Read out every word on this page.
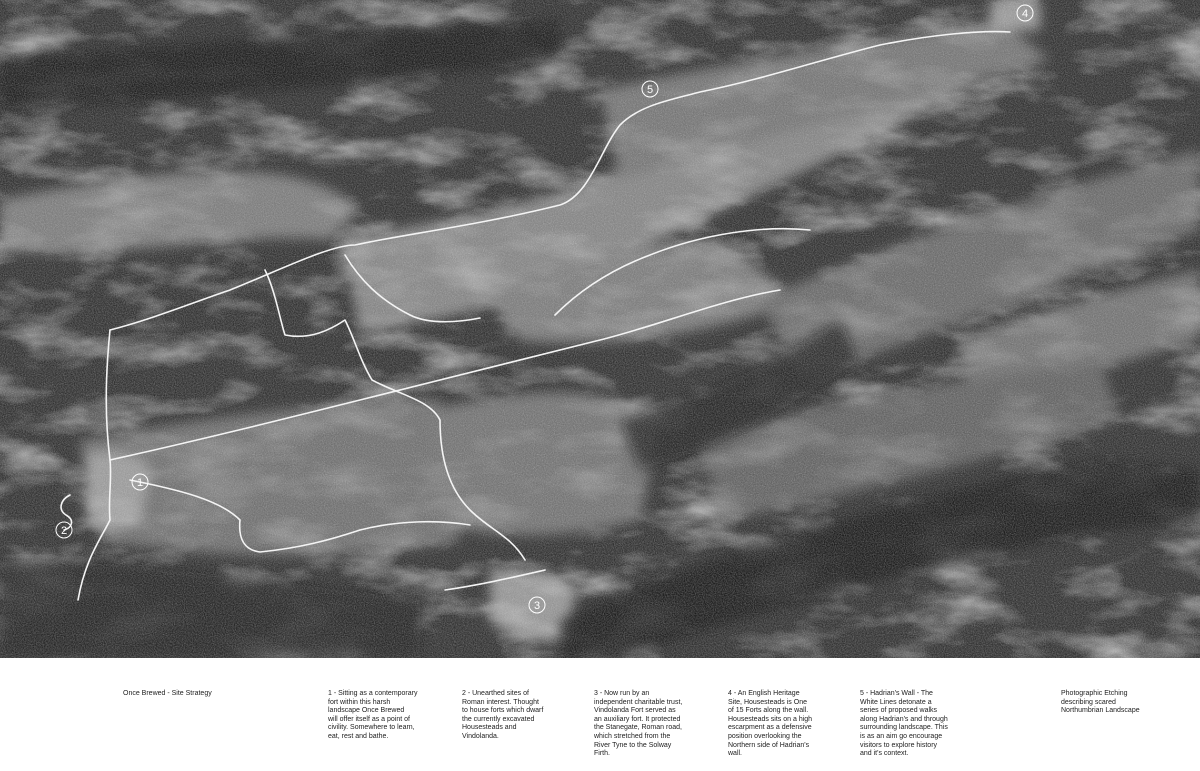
1
2
3
4
5
Once Brewed - Site Strategy	1 - Sitting as a contemporary
fort within this harsh
landscape Once Brewed
will offer itself as a point of
civility. Somewhere to learn,
eat, rest and bathe.
2 - Unearthed sites of
Roman interest. Thought
to house forts which dwarf
the currently excavated
Housesteads and
Vindolanda.
3 - Now run by an
independent charitable trust,
Vindolanda Fort served as
an auxiliary fort. It protected
the Stanegate, Roman road,
which stretched from the
River Tyne to the Solway
Firth.
4 - An English Heritage
Site, Housesteads is One
of 15 Forts along the wall.
Housesteads sits on a high
escarpment as a defensive
position overlooking the
Northern side of Hadrian's
wall.
5 - Hadrian's Wall - The
White Lines detonate a
series of proposed walks
along Hadrian's and through
surrounding landscape. This
is as an aim go encourage
visitors to explore history
and it's context.
Photographic Etching
describing scared
Northumbrian Landscape
